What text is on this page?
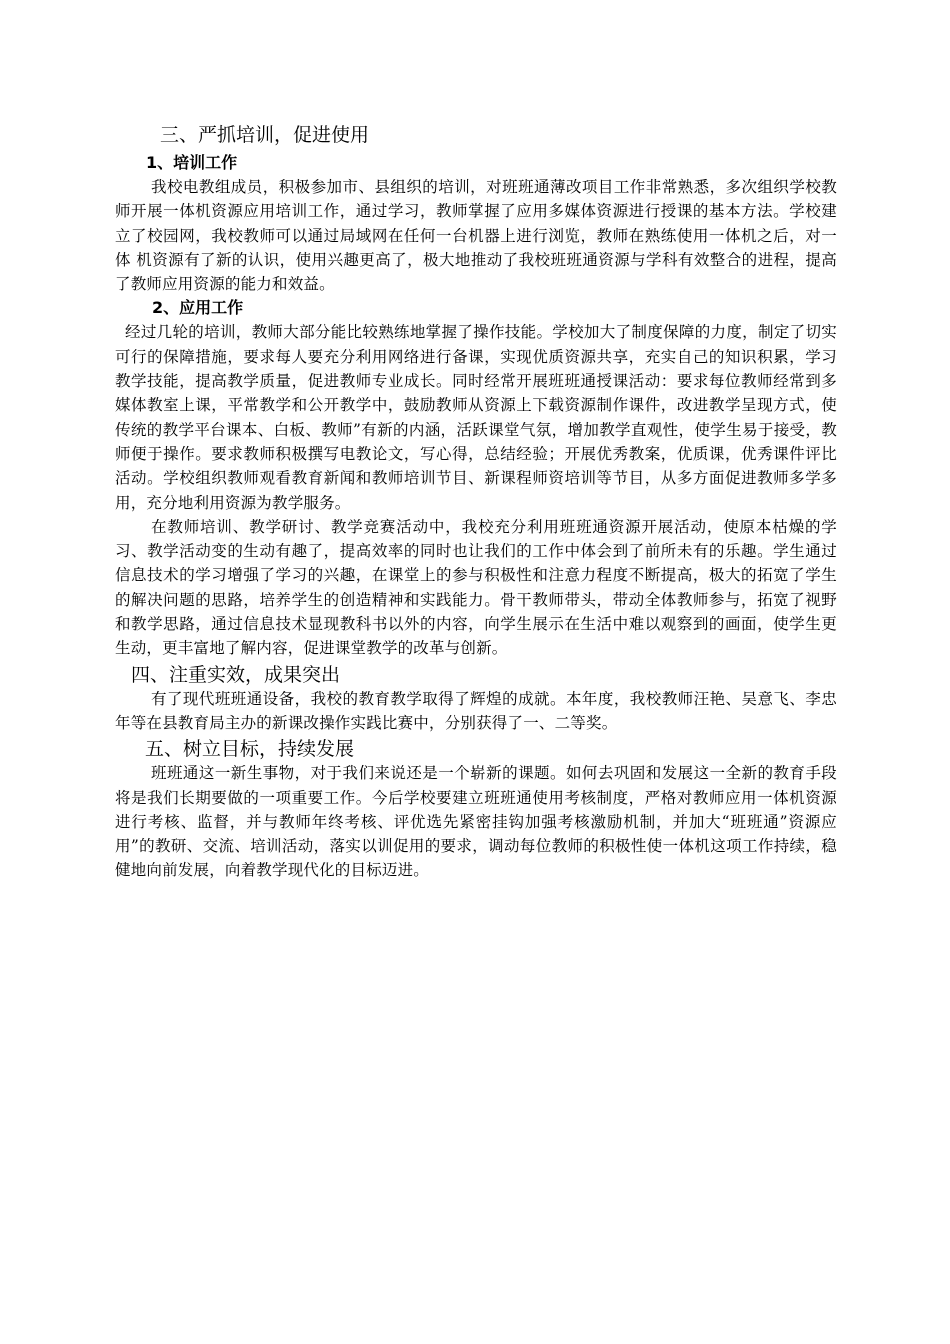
三、严抓培训，促进使用
1、培训工作

我校电教组成员，积极参加市、县组织的培训，对班班通薄改项目工作非常熟悉，多次组织学校教师开展一体机资源应用培训工作，通过学习，教师掌握了应用多媒体资源进行授课的基本方法。学校建立了校园网，我校教师可以通过局域网在任何一台机器上进行浏览，教师在熟练使用一体机之后，对一体 机资源有了新的认识，使用兴趣更高了，极大地推动了我校班班通资源与学科有效整合的进程，提高了教师应用资源的能力和效益。

2、应用工作

经过几轮的培训，教师大部分能比较熟练地掌握了操作技能。学校加大了制度保障的力度，制定了切实可行的保障措施，要求每人要充分利用网络进行备课，实现优质资源共享，充实自己的知识积累，学习教学技能，提高教学质量，促进教师专业成长。同时经常开展班班通授课活动：要求每位教师经常到多媒体教室上课，平常教学和公开教学中，鼓励教师从资源上下载资源制作课件，改进教学呈现方式，使传统的教学平台课本、白板、教师”有新的内涵，活跃课堂气氛，增加教学直观性，使学生易于接受，教师便于操作。要求教师积极撰写电教论文，写心得，总结经验；开展优秀教案，优质课，优秀课件评比活动。学校组织教师观看教育新闻和教师培训节目、新课程师资培训等节目，从多方面促进教师多学多用，充分地利用资源为教学服务。

在教师培训、教学研讨、教学竞赛活动中，我校充分利用班班通资源开展活动，使原本枯燥的学习、教学活动变的生动有趣了，提高效率的同时也让我们的工作中体会到了前所未有的乐趣。学生通过信息技术的学习增强了学习的兴趣，在课堂上的参与积极性和注意力程度不断提高，极大的拓宽了学生的解决问题的思路，培养学生的创造精神和实践能力。骨干教师带头，带动全体教师参与，拓宽了视野和教学思路，通过信息技术显现教科书以外的内容，向学生展示在生活中难以观察到的画面，使学生更生动，更丰富地了解内容，促进课堂教学的改革与创新。

四、注重实效，成果突出

有了现代班班通设备，我校的教育教学取得了辉煌的成就。本年度，我校教师汪艳、吴意飞、李忠年等在县教育局主办的新课改操作实践比赛中，分别获得了一、二等奖。

五、树立目标，持续发展

班班通这一新生事物，对于我们来说还是一个崭新的课题。如何去巩固和发展这一全新的教育手段将是我们长期要做的一项重要工作。今后学校要建立班班通使用考核制度，严格对教师应用一体机资源进行考核、监督，并与教师年终考核、评优选先紧密挂钩加强考核激励机制，并加大“班班通”资源应用”的教研、交流、培训活动，落实以训促用的要求，调动每位教师的积极性使一体机这项工作持续，稳健地向前发展，向着教学现代化的目标迈进。
